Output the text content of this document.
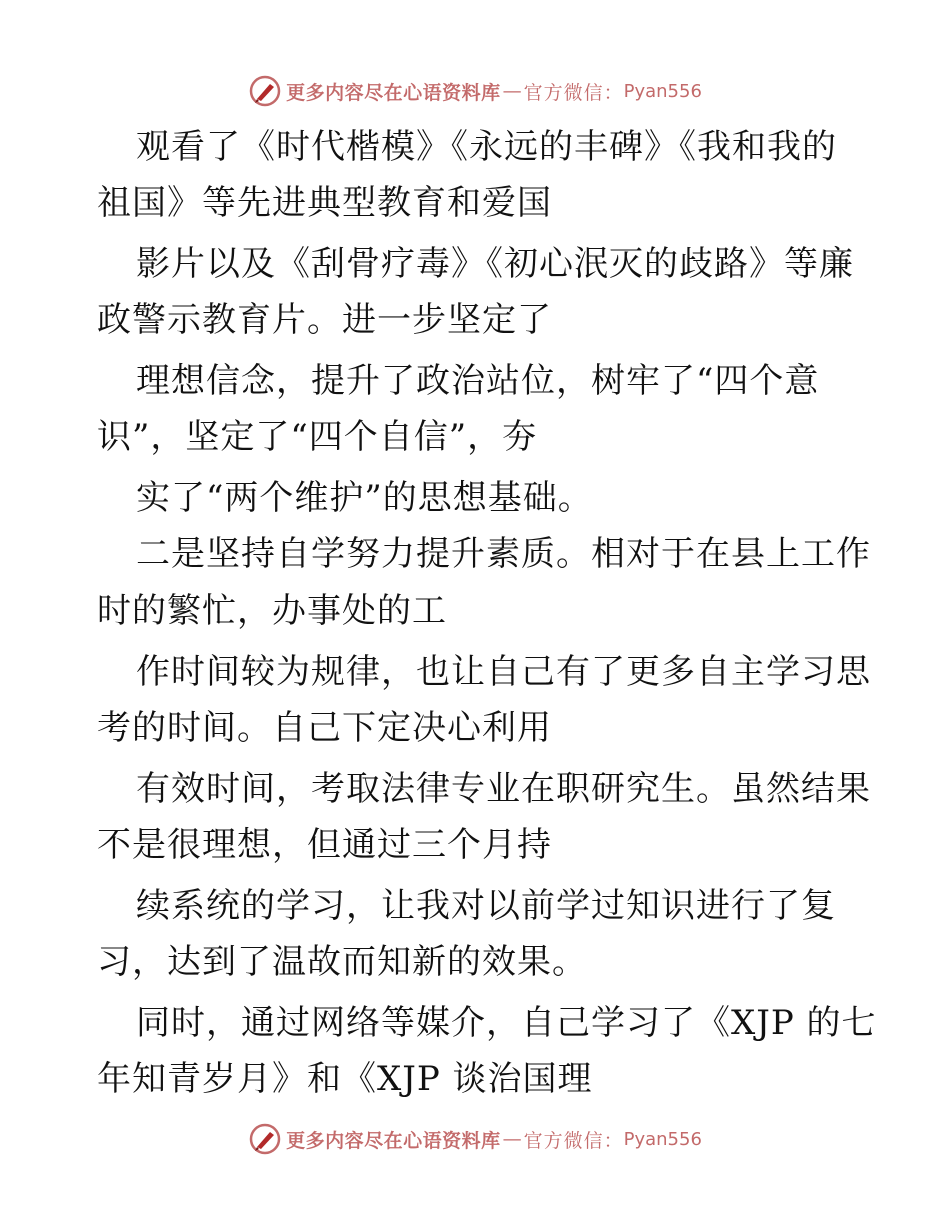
更多内容尽在心语资料库 — 官方微信： Pyan556
观看了《时代楷模》《永远的丰碑》《我和我的
祖国》等先进典型教育和爱国
影片以及《刮骨疗毒》《初心泯灭的歧路》等廉
政警示教育片。进一步坚定了
理想信念，提升了政治站位，树牢了“四个意
识”，坚定了“四个自信”，夯
实了“两个维护”的思想基础。
二是坚持自学努力提升素质。相对于在县上工作
时的繁忙，办事处的工
作时间较为规律，也让自己有了更多自主学习思
考的时间。自己下定决心利用
有效时间，考取法律专业在职研究生。虽然结果
不是很理想，但通过三个月持
续系统的学习，让我对以前学过知识进行了复
习，达到了温故而知新的效果。
同时，通过网络等媒介，自己学习了《XJP 的七
年知青岁月》和《XJP 谈治国理
更多内容尽在心语资料库 — 官方微信： Pyan556
